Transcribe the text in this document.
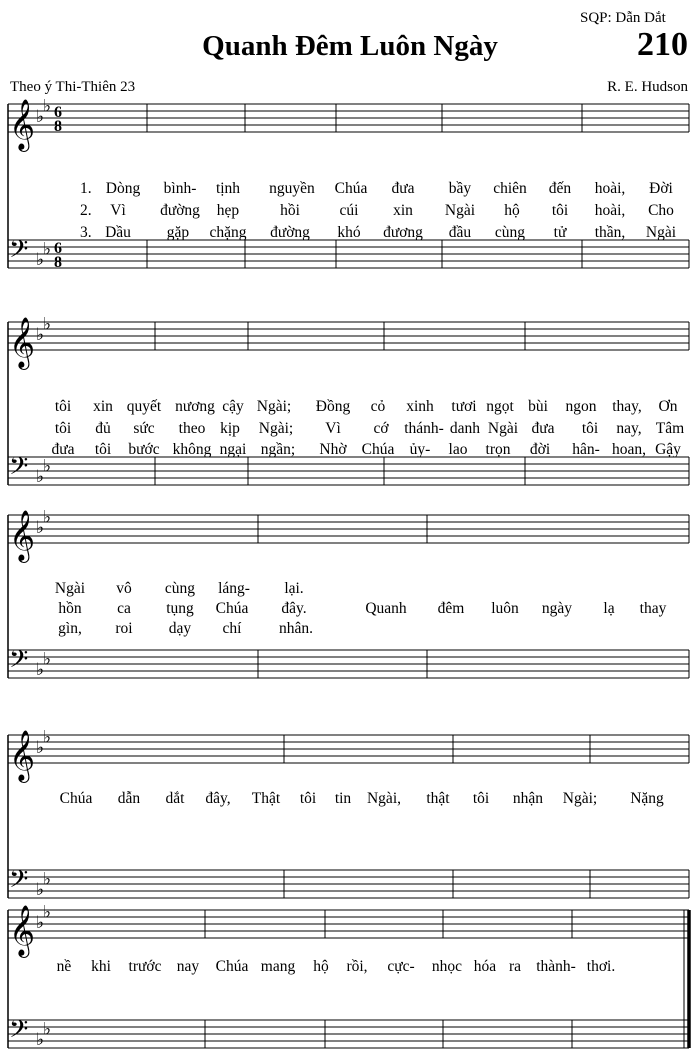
SQP: Dẫn Dắt
210
Quanh Đêm Luôn Ngày
Theo ý Thi-Thiên 23	R. E. Hudson
𝄞 ♭
♭ 6
8
𝄢 ♭
♭ 6
8
𝄞 ♭
♭
𝄢 ♭
♭
𝄞 ♭
♭
𝄢 ♭
♭
𝄞 ♭
♭
𝄢 ♭
♭
𝄞 ♭
♭
𝄢 ♭
♭
1. Dòng bình- tịnh nguyền Chúa đưa bầy chiên đến hoài, Đời
2. Vì đường hẹp	hồi	cúi xin Ngài hộ tôi hoài, Cho
3. Dầu gặp chặng đường khó đương đầu cùng tử thần, Ngài
tôi xin quyết nương cậy Ngài; Đồng cỏ xinh tươi ngọt bùi ngon thay, Ơn
tôi đủ sức theo kịp Ngài; Vì cớ thánh- danh Ngài đưa tôi nay, Tâm
đưa tôi bước không ngại ngần; Nhờ Chúa ủy- lao trọn đời hân- hoan, Gậy
Ngài vô cùng láng- lại.
hồn ca tụng Chúa đây.	Quanh đêm luôn ngày lạ thay
gìn, roi dạy chí nhân.
Chúa dẫn dắt đây, Thật tôi tin Ngài, thật tôi nhận Ngài; Nặng
nề khi trước nay Chúa mang hộ rồi, cực- nhọc hóa ra thành- thơi.
